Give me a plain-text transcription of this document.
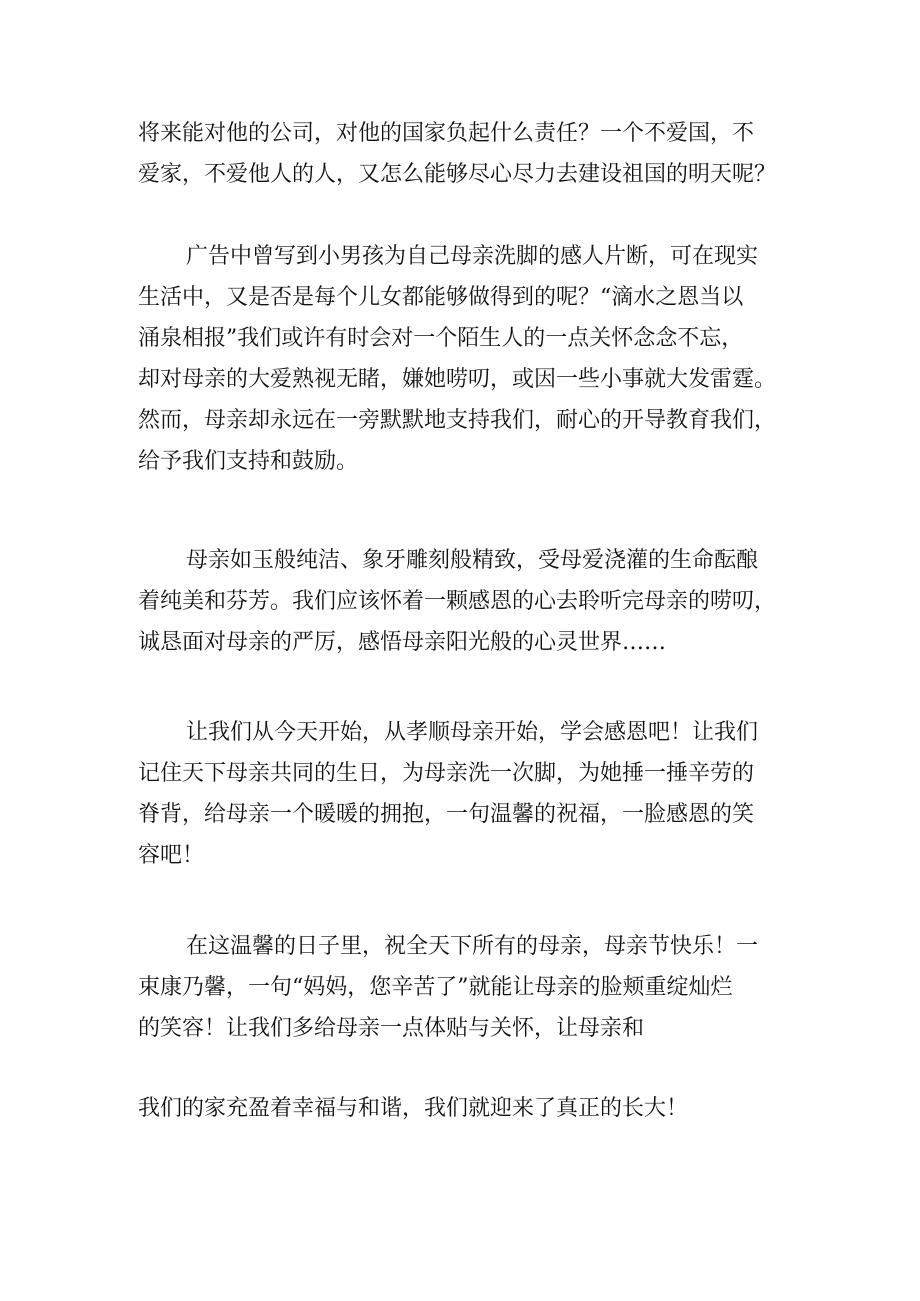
将来能对他的公司，对他的国家负起什么责任？一个不爱国，不
爱家，不爱他人的人，又怎么能够尽心尽力去建设祖国的明天呢？

广告中曾写到小男孩为自己母亲洗脚的感人片断，可在现实
生活中，又是否是每个儿女都能够做得到的呢？“滴水之恩当以
涌泉相报”我们或许有时会对一个陌生人的一点关怀念念不忘，
却对母亲的大爱熟视无睹，嫌她唠叨，或因一些小事就大发雷霆。
然而，母亲却永远在一旁默默地支持我们，耐心的开导教育我们，
给予我们支持和鼓励。

母亲如玉般纯洁、象牙雕刻般精致，受母爱浇灌的生命酝酿
着纯美和芬芳。我们应该怀着一颗感恩的心去聆听完母亲的唠叨，
诚恳面对母亲的严厉，感悟母亲阳光般的心灵世界……

让我们从今天开始，从孝顺母亲开始，学会感恩吧！让我们
记住天下母亲共同的生日，为母亲洗一次脚，为她捶一捶辛劳的
脊背，给母亲一个暖暖的拥抱，一句温馨的祝福，一脸感恩的笑
容吧！

在这温馨的日子里，祝全天下所有的母亲，母亲节快乐！一
束康乃馨，一句“妈妈，您辛苦了”就能让母亲的脸颊重绽灿烂
的笑容！让我们多给母亲一点体贴与关怀，让母亲和

我们的家充盈着幸福与和谐，我们就迎来了真正的长大！
